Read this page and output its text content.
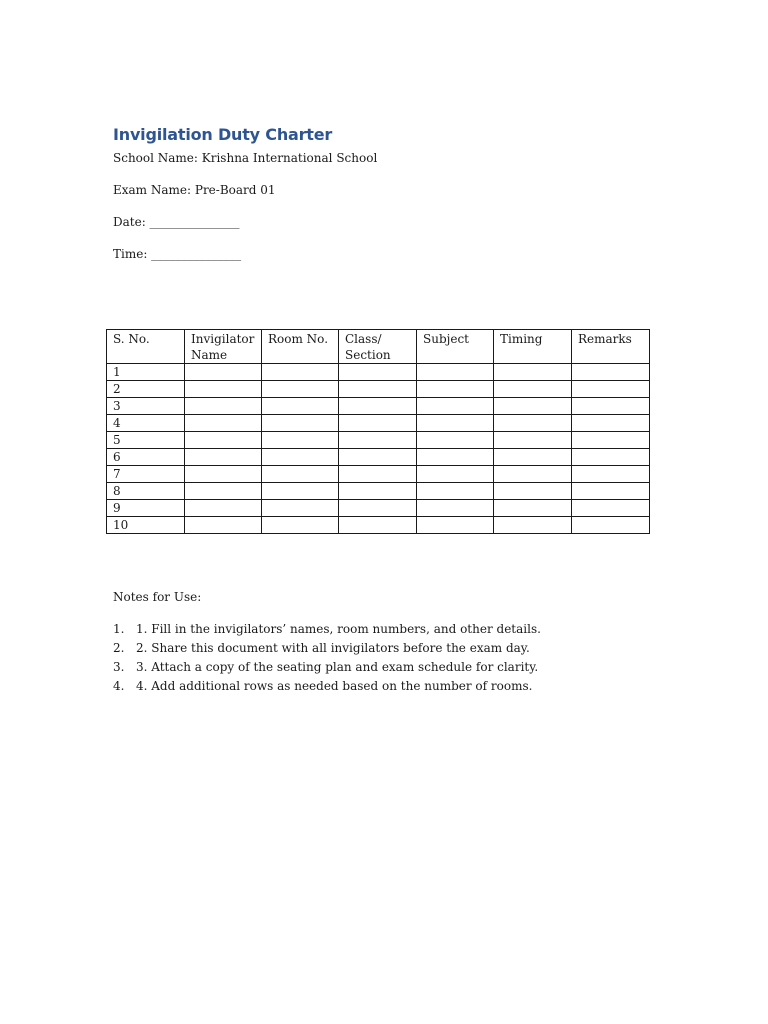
Invigilation Duty Charter
School Name: Krishna International School
Exam Name: Pre-Board 01
Date: _______________
Time: _______________
S. No.	Invigilator Name	Room No.	Class/ Section	Subject	Timing	Remarks
1						
2						
3						
4						
5						
6						
7						
8						
9						
10						
Notes for Use:
1. 1. Fill in the invigilators’ names, room numbers, and other details.
2. 2. Share this document with all invigilators before the exam day.
3. 3. Attach a copy of the seating plan and exam schedule for clarity.
4. 4. Add additional rows as needed based on the number of rooms.
